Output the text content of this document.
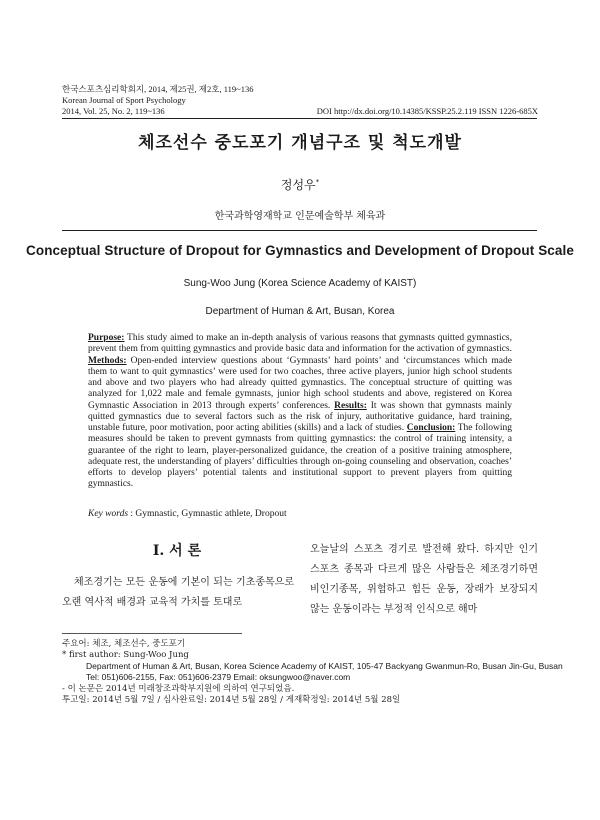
한국스포츠심리학회지, 2014, 제25권, 제2호, 119~136
Korean Journal of Sport Psychology
2014, Vol. 25, No. 2, 119~136	DOI http://dx.doi.org/10.14385/KSSP.25.2.119 ISSN 1226-685X
체조선수 중도포기 개념구조 및 척도개발
정성우*
한국과학영재학교 인문예술학부 체육과
Conceptual Structure of Dropout for Gymnastics and Development of Dropout Scale
Sung-Woo Jung (Korea Science Academy of KAIST)
Department of Human & Art, Busan, Korea
Purpose: This study aimed to make an in-depth analysis of various reasons that gymnasts quitted gymnastics, prevent them from quitting gymnastics and provide basic data and information for the activation of gymnastics. Methods: Open-ended interview questions about ‘Gymnasts’ hard points’ and ‘circumstances which made them to want to quit gymnastics’ were used for two coaches, three active players, junior high school students and above and two players who had already quitted gymnastics. The conceptual structure of quitting was analyzed for 1,022 male and female gymnasts, junior high school students and above, registered on Korea Gymnastic Association in 2013 through experts’ conferences. Results: It was shown that gymnasts mainly quitted gymnastics due to several factors such as the risk of injury, authoritative guidance, hard training, unstable future, poor motivation, poor acting abilities (skills) and a lack of studies. Conclusion: The following measures should be taken to prevent gymnasts from quitting gymnastics: the control of training intensity, a guarantee of the right to learn, player-personalized guidance, the creation of a positive training atmosphere, adequate rest, the understanding of players’ difficulties through on-going counseling and observation, coaches’ efforts to develop players’ potential talents and institutional support to prevent players from quitting gymnastics.
Key words : Gymnastic, Gymnastic athlete, Dropout
I. 서 론
체조경기는 모든 운동에 기본이 되는 기초종목으로 오랜 역사적 배경과 교육적 가치를 토대로
오늘날의 스포츠 경기로 발전해 왔다. 하지만 인기 스포츠 종목과 다르게 많은 사람들은 체조경기하면 비인기종목, 위험하고 힘든 운동, 장래가 보장되지 않는 운동이라는 부정적 인식으로 해마
주요어: 체조, 체조선수, 중도포기
* first author: Sung-Woo Jung
Department of Human & Art, Busan, Korea Science Academy of KAIST, 105-47 Backyang Gwanmun-Ro, Busan Jin-Gu, Busan
Tel: 051)606-2155, Fax: 051)606-2379 Email: oksungwoo@naver.com
- 이 논문은 2014년 미래창조과학부지원에 의하여 연구되었음.
투고일: 2014년 5월 7일 / 심사완료일: 2014년 5월 28일 / 게재확정일: 2014년 5월 28일
